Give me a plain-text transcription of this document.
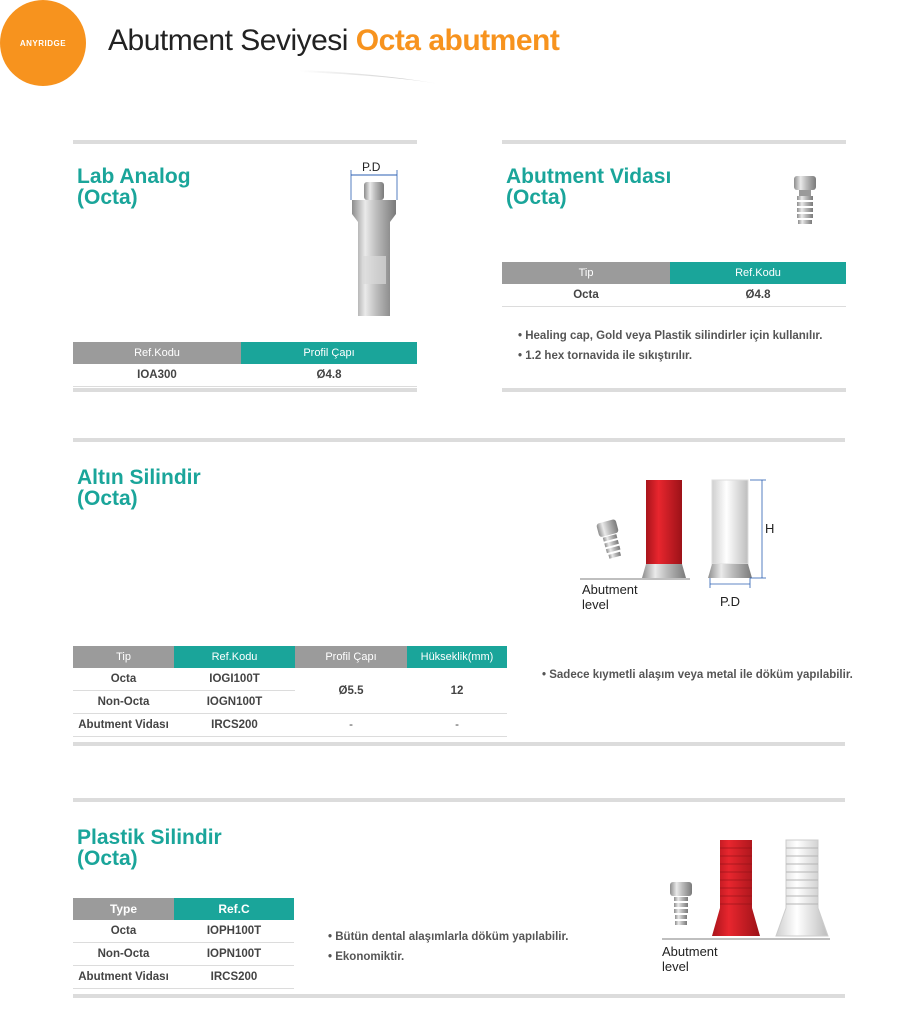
ANYRIDGE Abutment Seviyesi Octa abutment
Lab Analog
(Octa)
P.D
Ref.Kodu	Profil Çapı
IOA300	Ø4.8
Abutment Vidası
(Octa)
Tip	Ref.Kodu
Octa	Ø4.8
• Healing cap, Gold veya Plastik silindirler için kullanılır.
• 1.2 hex tornavida ile sıkıştırılır.
Altın Silindir
(Octa)
H
Abutment
level	P.D
Tip	Ref.Kodu	Profil Çapı	Hükseklik(mm)
Octa	IOGI100T	Ø5.5	12
Non-Octa	IOGN100T		
Abutment Vidası	IRCS200	-	-
• Sadece kıymetli alaşım veya metal ile döküm yapılabilir.
Plastik Silindir
(Octa)
Abutment
level
Type	Ref.C
Octa	IOPH100T
Non-Octa	IOPN100T
Abutment Vidası	IRCS200
• Bütün dental alaşımlarla döküm yapılabilir.
• Ekonomiktir.
